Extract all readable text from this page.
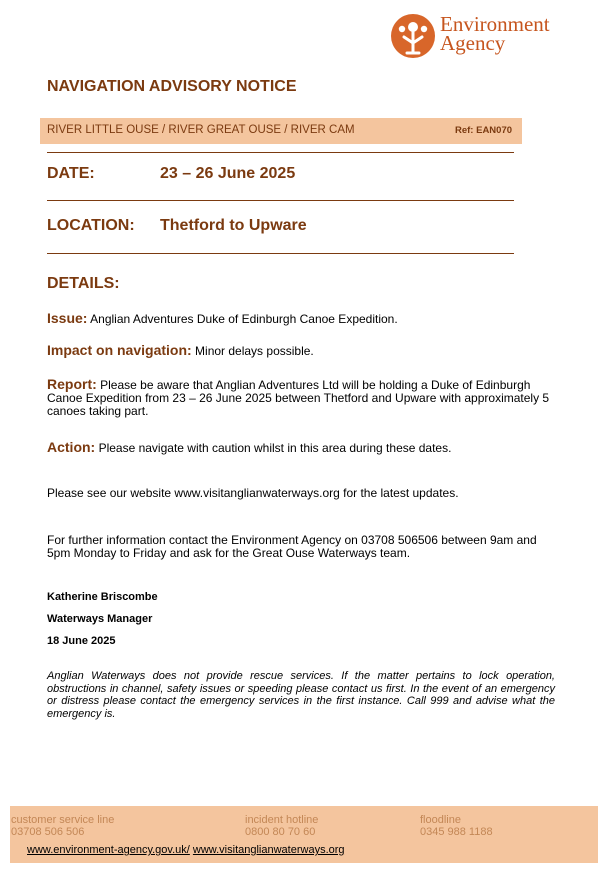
Environment
Agency
NAVIGATION ADVISORY NOTICE
RIVER LITTLE OUSE / RIVER GREAT OUSE / RIVER CAM	Ref: EAN070
DATE:	23 – 26 June 2025
LOCATION: Thetford to Upware
DETAILS:
Issue: Anglian Adventures Duke of Edinburgh Canoe Expedition.
Impact on navigation: Minor delays possible.
Report: Please be aware that Anglian Adventures Ltd will be holding a Duke of Edinburgh Canoe Expedition from 23 – 26 June 2025 between Thetford and Upware with approximately 5 canoes taking part.
Action: Please navigate with caution whilst in this area during these dates.
Please see our website www.visitanglianwaterways.org for the latest updates.
For further information contact the Environment Agency on 03708 506506 between 9am and 5pm Monday to Friday and ask for the Great Ouse Waterways team.
Katherine Briscombe
Waterways Manager
18 June 2025
Anglian Waterways does not provide rescue services. If the matter pertains to lock operation, obstructions in channel, safety issues or speeding please contact us first. In the event of an emergency or distress please contact the emergency services in the first instance. Call 999 and advise what the emergency is.
customer service line
03708 506 506
incident hotline
0800 80 70 60
floodline
0345 988 1188
www.environment-agency.gov.uk/ www.visitanglianwaterways.org
